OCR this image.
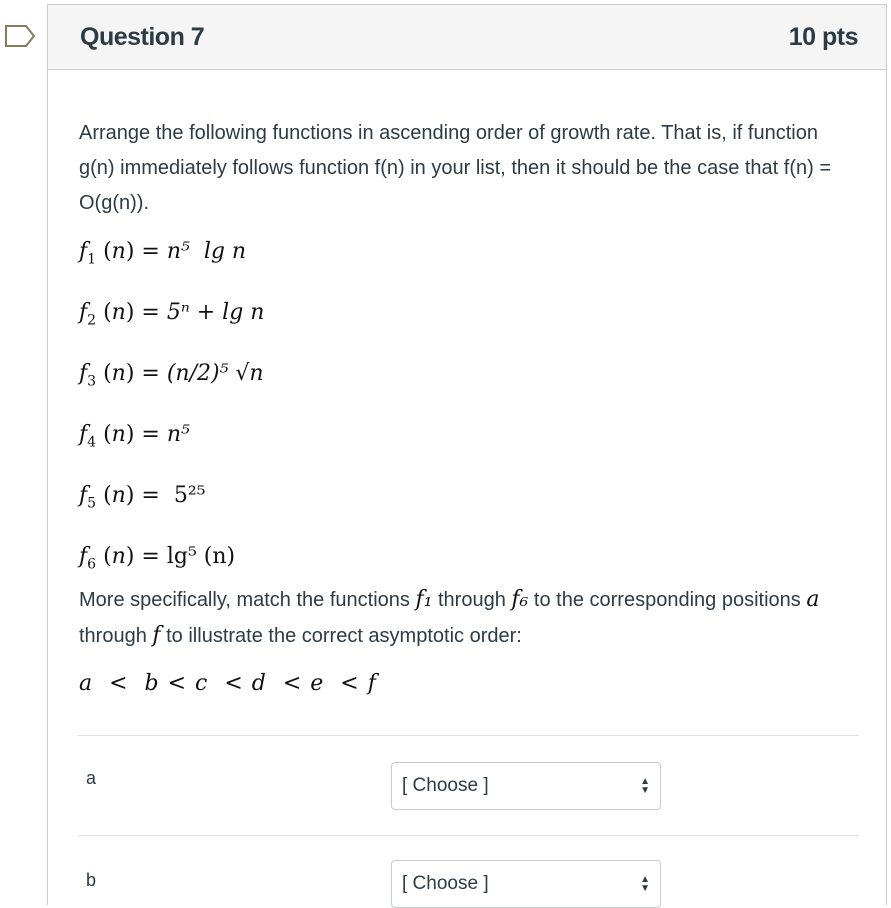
Question 7	10 pts
Arrange the following functions in ascending order of growth rate. That is, if function g(n) immediately follows function f(n) in your list, then it should be the case that f(n) = O(g(n)).
$f_1$ (n) = n⁵  lg n
$f_2$ (n) = 5ⁿ + lg n
$f_3$ (n) = (n/2)⁵ √n
$f_4$ (n) = n⁵
$f_5$ (n) =  5²⁵
$f_6$ (n) = lg⁵ (n)
More specifically, match the functions f₁ through f₆ to the corresponding positions a through f to illustrate the correct asymptotic order:
a  <  b < c  < d  < e  < f
a	[ Choose ]	▲
▼
b	[ Choose ]	▲
▼
